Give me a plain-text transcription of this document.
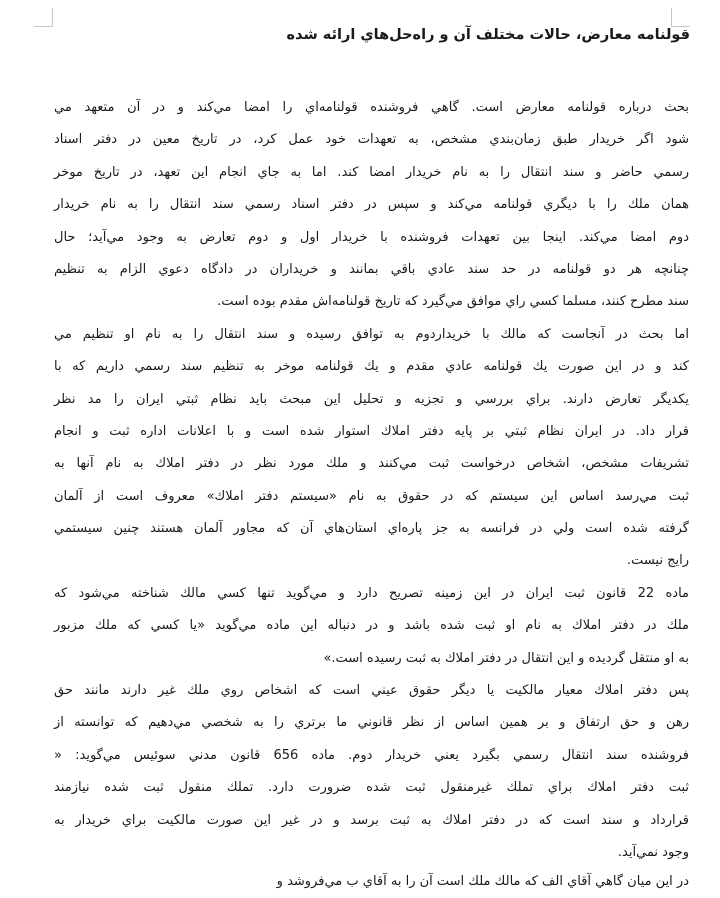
قولنامه معارض، حالات مختلف آن و راه‌حل‌هاي ارائه شده
بحث درباره قولنامه معارض است. گاهي فروشنده قولنامه‌اي را امضا مي‌كند و در آن متعهد مي
شود اگر خريدار طبق زمان‌بندي مشخص، به تعهدات خود عمل كرد، در تاريخ معين در دفتر اسناد
رسمي حاضر و سند انتقال را به نام خريدار امضا كند. اما به جاي انجام اين تعهد، در تاريخ موخر
همان ملك را با ديگري قولنامه مي‌كند و سپس در دفتر اسناد رسمي سند انتقال را به نام خريدار
دوم امضا مي‌كند. اينجا بين تعهدات فروشنده با خريدار اول و دوم تعارض به وجود مي‌آيد؛ حال
چنانچه هر دو قولنامه در حد سند عادي باقي بمانند و خريداران در دادگاه دعوي الزام به تنظيم
سند مطرح كنند، مسلما كسي راي موافق مي‌گيرد كه تاريخ قولنامه‌اش مقدم بوده است.
اما بحث در آنجاست كه مالك با خريداردوم به توافق رسيده و سند انتقال را به نام او تنظيم مي
كند و در اين صورت يك قولنامه عادي مقدم و يك قولنامه موخر به تنظيم سند رسمي داريم كه با
يكديگر تعارض دارند. براي بررسي و تجزيه و تحليل اين مبحث بايد نظام ثبتي ايران را مد نظر
قرار داد. در ايران نظام ثبتي بر پايه دفتر املاك استوار شده است و با اعلانات اداره ثبت و انجام
تشريفات مشخص، اشخاص درخواست ثبت مي‌كنند و ملك مورد نظر در دفتر املاك به نام آنها به
ثبت مي‌رسد اساس اين سيستم كه در حقوق به نام «سيستم دفتر املاك» معروف است از آلمان
گرفته شده است ولي در فرانسه به جز پاره‌اي استان‌هاي آن كه مجاور آلمان هستند چنين سيستمي
رايج نيست.
ماده 22 قانون ثبت ايران در اين زمينه تصريح دارد و مي‌گويد تنها كسي مالك شناخته مي‌شود كه
ملك در دفتر املاك به نام او ثبت شده باشد و در دنباله اين ماده مي‌گويد «يا كسي كه ملك مزبور
به او منتقل گرديده و اين انتقال در دفتر املاك به ثبت رسيده است.»
پس دفتر املاك معيار مالكيت يا ديگر حقوق عيني است كه اشخاص روي ملك غير دارند مانند حق
رهن و حق ارتفاق و بر همين اساس از نظر قانوني ما برتري را به شخصي مي‌دهيم كه توانسته از
فروشنده سند انتقال رسمي بگيرد يعني خريدار دوم. ماده 656 قانون مدني سوئيس مي‌گويد: «
ثبت دفتر املاك براي تملك غيرمنقول ثبت شده ضرورت دارد. تملك منقول ثبت شده نيازمند
قرارداد و سند است كه در دفتر املاك به ثبت برسد و در غير اين صورت مالكيت براي خريدار به
وجود نمي‌آيد.
در اين ميان گاهي آقاي الف كه مالك ملك است آن را به آقاي ب مي‌فروشد و
